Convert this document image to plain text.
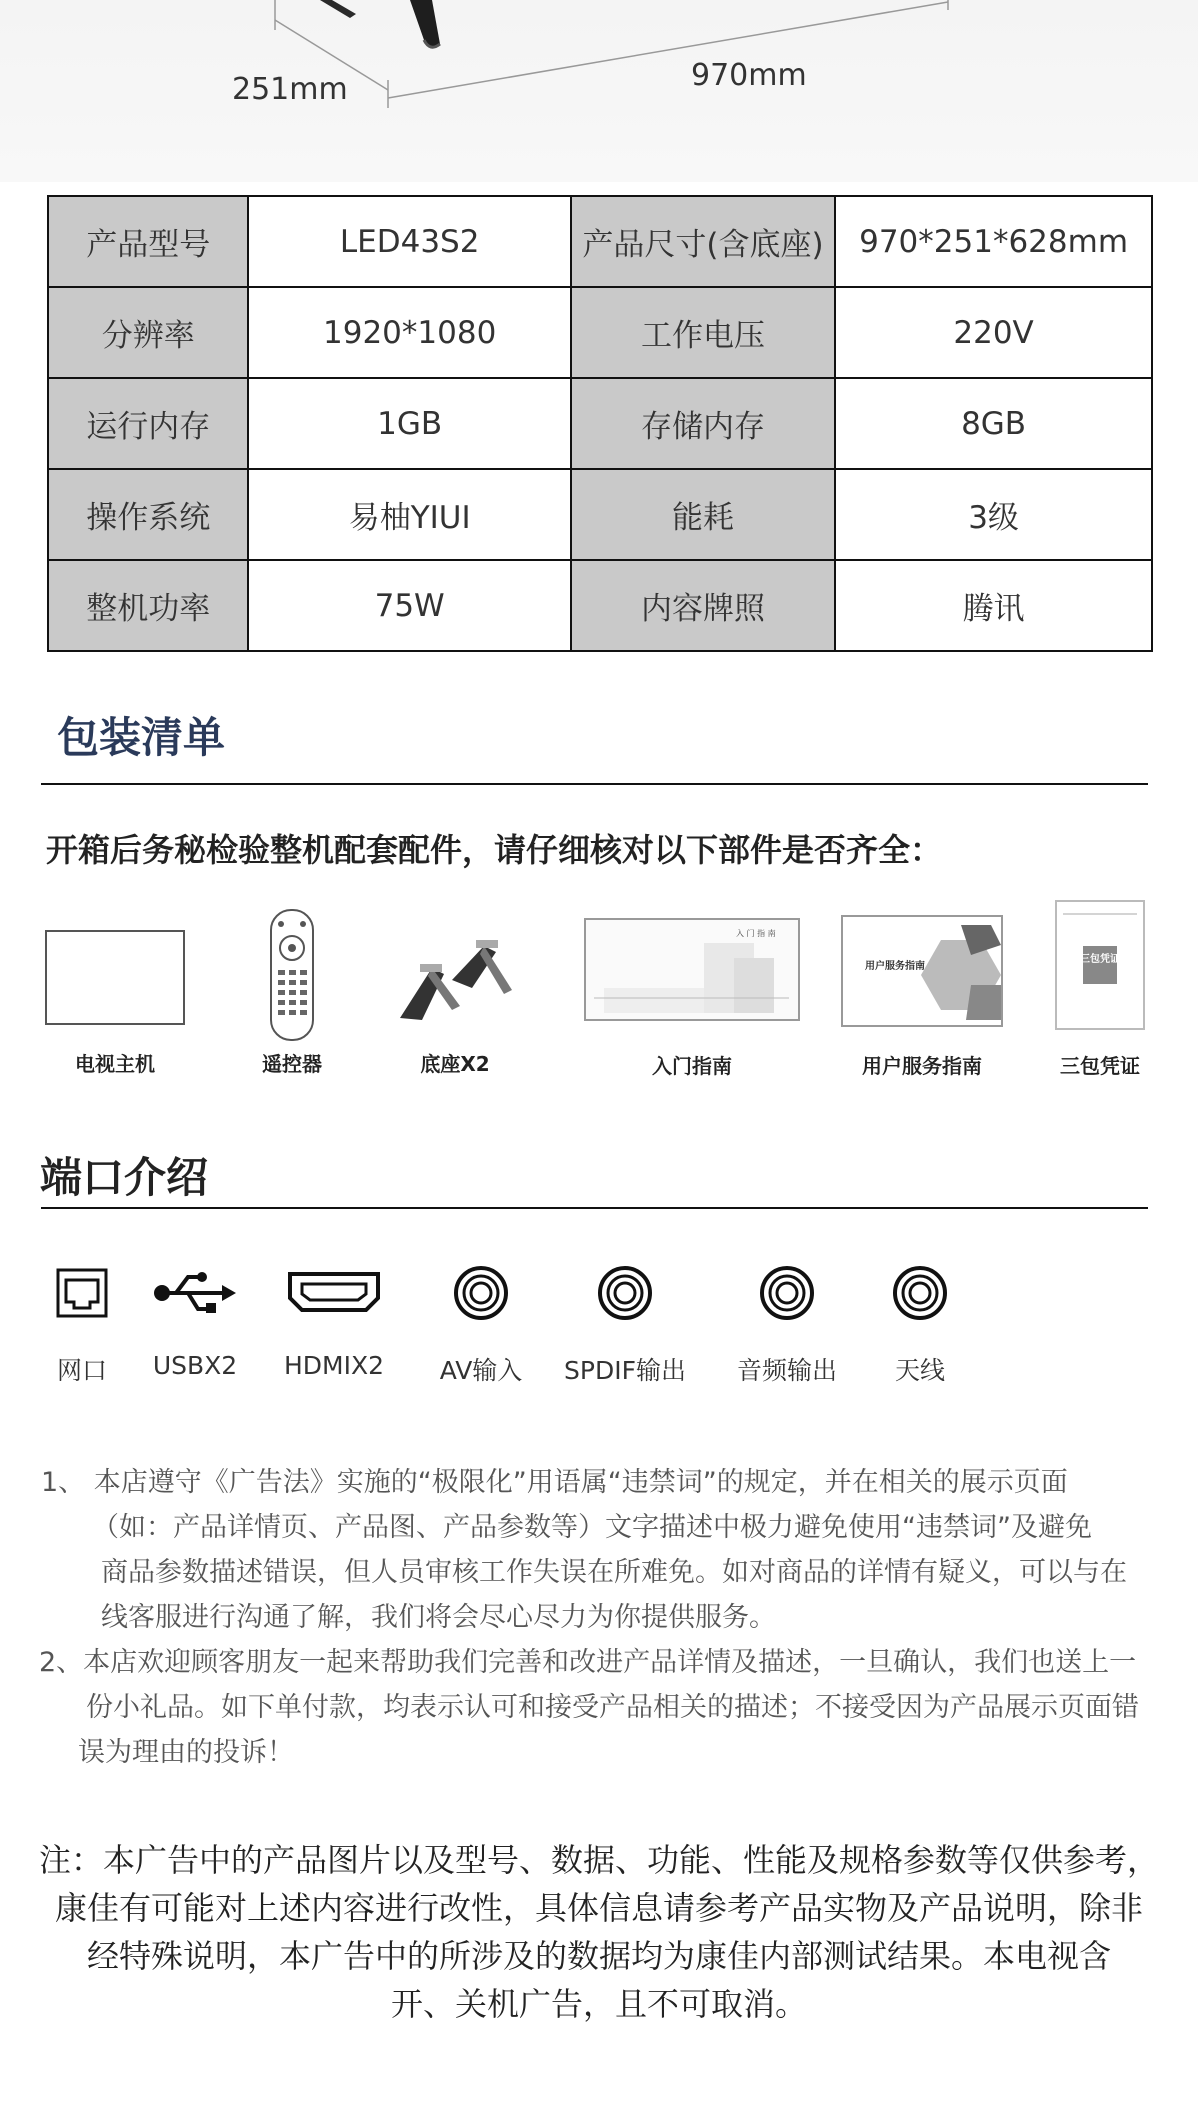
251mm	970mm
产品型号	LED43S2	产品尺寸(含底座)	970*251*628mm
分辨率	1920*1080	工作电压	220V
运行内存	1GB	存储内存	8GB
操作系统	易柚YIUI	能耗	3级
整机功率	75W	内容牌照	腾讯
包装清单
开箱后务秘检验整机配套配件，请仔细核对以下部件是否齐全：
入 门 指 南
用户服务指南
三包凭证
电视主机	遥控器	底座X2	入门指南	用户服务指南	三包凭证
端口介绍
网口	USBX2	HDMIX2	AV输入	SPDIF输出	音频输出	天线

1、 本店遵守《广告法》实施的“极限化”用语属“违禁词”的规定，并在相关的展示页面

（如：产品详情页、产品图、产品参数等）文字描述中极力避免使用“违禁词”及避免

商品参数描述错误，但人员审核工作失误在所难免。如对商品的详情有疑义，可以与在

线客服进行沟通了解，我们将会尽心尽力为你提供服务。

2、本店欢迎顾客朋友一起来帮助我们完善和改进产品详情及描述，一旦确认，我们也送上一

份小礼品。如下单付款，均表示认可和接受产品相关的描述；不接受因为产品展示页面错

误为理由的投诉！

注：本广告中的产品图片以及型号、数据、功能、性能及规格参数等仅供参考，

康佳有可能对上述内容进行改性，具体信息请参考产品实物及产品说明，除非

经特殊说明，本广告中的所涉及的数据均为康佳内部测试结果。本电视含

开、关机广告，且不可取消。
